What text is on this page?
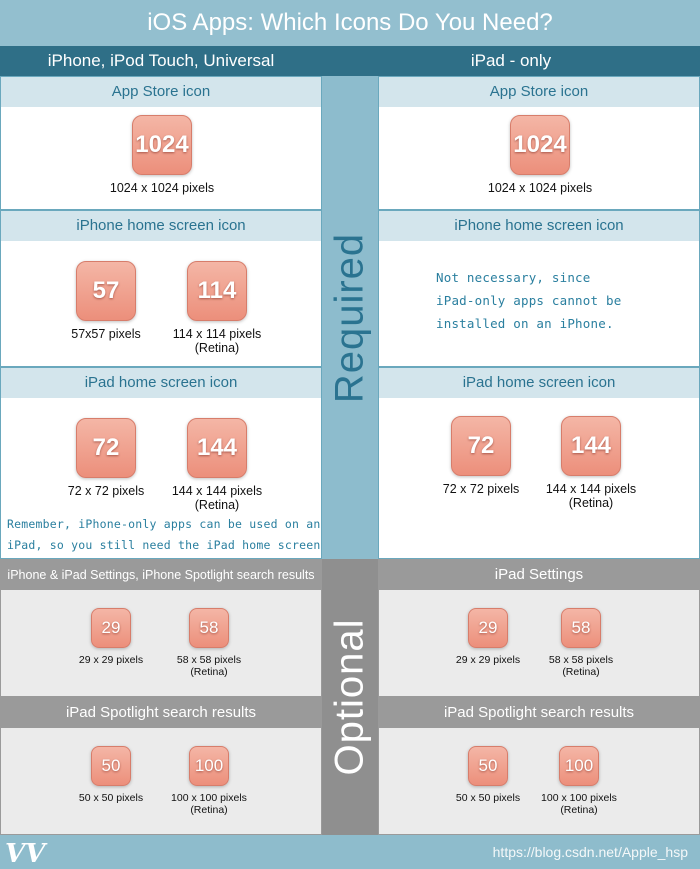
iOS Apps: Which Icons Do You Need?
iPhone, iPod Touch, Universal	iPad - only
App Store icon
1024
1024 x 1024 pixels
iPhone home screen icon
57
57x57 pixels
114
114 x 114 pixels
(Retina)
iPad home screen icon
72
72 x 72 pixels
144
144 x 144 pixels
(Retina)
Remember, iPhone-only apps can be used on an
iPad, so you still need the iPad home screen
iPhone & iPad Settings, iPhone Spotlight search results
29
29 x 29 pixels
58
58 x 58 pixels
(Retina)
iPad Spotlight search results
50
50 x 50 pixels
100
100 x 100 pixels
(Retina)
Required
Optional
App Store icon
1024
1024 x 1024 pixels
iPhone home screen icon
Not necessary, since
iPad-only apps cannot be
installed on an iPhone.
iPad home screen icon
72
72 x 72 pixels
144
144 x 144 pixels
(Retina)
iPad Settings
29
29 x 29 pixels
58
58 x 58 pixels
(Retina)
iPad Spotlight search results
50
50 x 50 pixels
100
100 x 100 pixels
(Retina)
VV	https://blog.csdn.net/Apple_hsp
